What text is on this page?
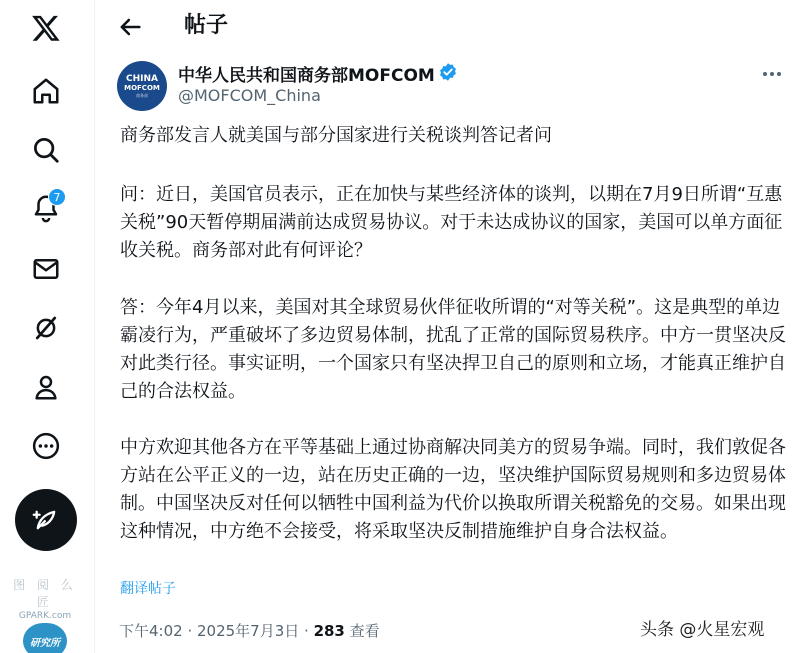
7
图 阅 么 匠
GPARK.com
研究所
帖子
CHINA
MOFCOM
商务部
中华人民共和国商务部MOFCOM
@MOFCOM_China

商务部发言人就美国与部分国家进行关税谈判答记者问

问：近日，美国官员表示，正在加快与某些经济体的谈判，以期在7月9日所谓“互惠关税”90天暂停期届满前达成贸易协议。对于未达成协议的国家，美国可以单方面征收关税。商务部对此有何评论？

答：今年4月以来，美国对其全球贸易伙伴征收所谓的“对等关税”。这是典型的单边霸凌行为，严重破坏了多边贸易体制，扰乱了正常的国际贸易秩序。中方一贯坚决反对此类行径。事实证明，一个国家只有坚决捍卫自己的原则和立场，才能真正维护自己的合法权益。

中方欢迎其他各方在平等基础上通过协商解决同美方的贸易争端。同时，我们敦促各方站在公平正义的一边，站在历史正确的一边，坚决维护国际贸易规则和多边贸易体制。中国坚决反对任何以牺牲中国利益为代价以换取所谓关税豁免的交易。如果出现这种情况，中方绝不会接受，将采取坚决反制措施维护自身合法权益。

翻译帖子
下午4:02 · 2025年7月3日 · 283 查看	头条 @火星宏观
